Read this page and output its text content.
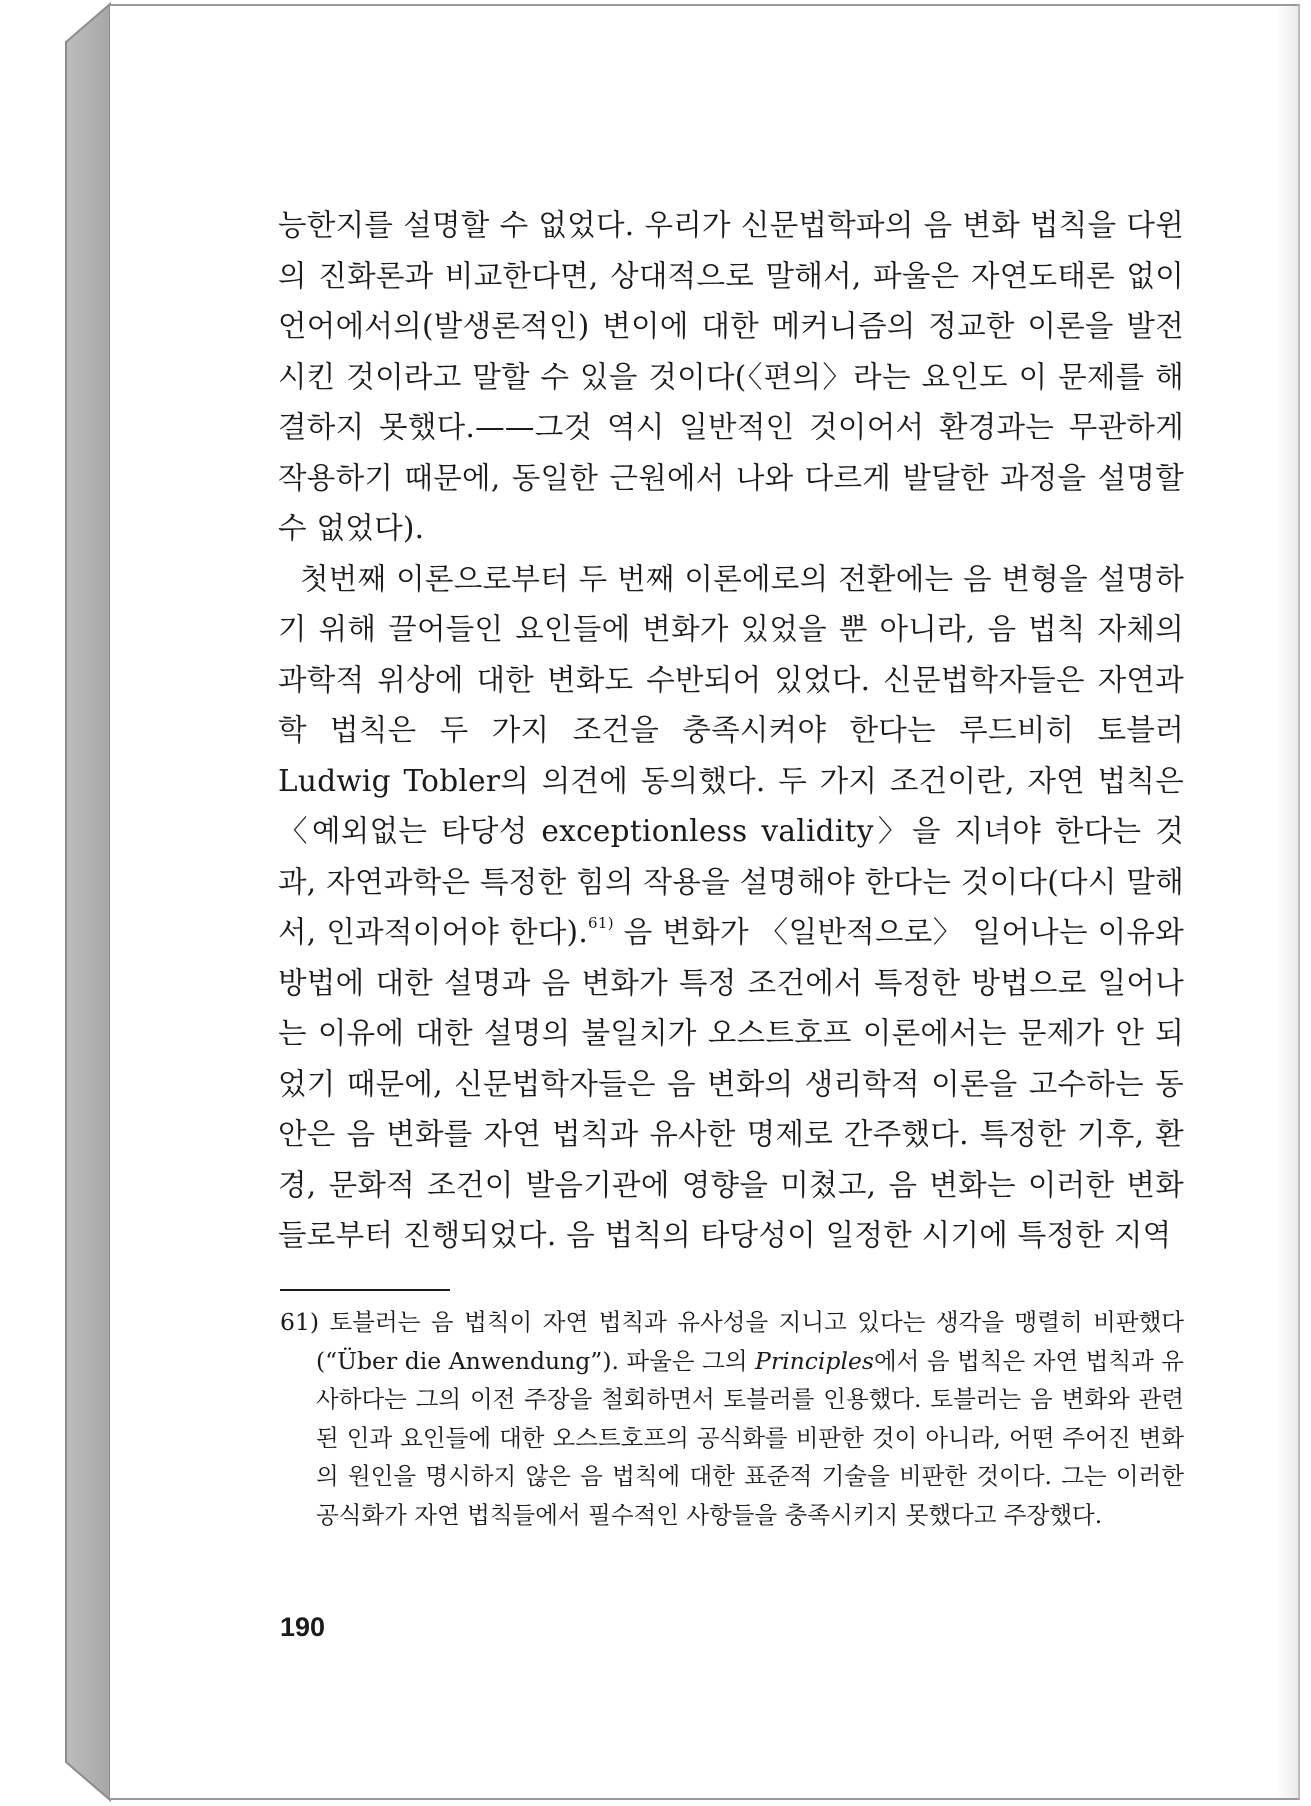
능한지를 설명할 수 없었다. 우리가 신문법학파의 음 변화 법칙을 다윈의 진화론과 비교한다면, 상대적으로 말해서, 파울은 자연도태론 없이 언어에서의(발생론적인) 변이에 대한 메커니즘의 정교한 이론을 발전시킨 것이라고 말할 수 있을 것이다(〈편의〉라는 요인도 이 문제를 해결하지 못했다.——그것 역시 일반적인 것이어서 환경과는 무관하게 작용하기 때문에, 동일한 근원에서 나와 다르게 발달한 과정을 설명할 수 없었다).

첫번째 이론으로부터 두 번째 이론에로의 전환에는 음 변형을 설명하기 위해 끌어들인 요인들에 변화가 있었을 뿐 아니라, 음 법칙 자체의 과학적 위상에 대한 변화도 수반되어 있었다. 신문법학자들은 자연과학 법칙은 두 가지 조건을 충족시켜야 한다는 루드비히 토블러 Ludwig Tobler의 의견에 동의했다. 두 가지 조건이란, 자연 법칙은 〈예외없는 타당성 exceptionless validity〉을 지녀야 한다는 것과, 자연과학은 특정한 힘의 작용을 설명해야 한다는 것이다(다시 말해서, 인과적이어야 한다).$^{61)}$ 음 변화가 〈일반적으로〉 일어나는 이유와 방법에 대한 설명과 음 변화가 특정 조건에서 특정한 방법으로 일어나는 이유에 대한 설명의 불일치가 오스트호프 이론에서는 문제가 안 되었기 때문에, 신문법학자들은 음 변화의 생리학적 이론을 고수하는 동안은 음 변화를 자연 법칙과 유사한 명제로 간주했다. 특정한 기후, 환경, 문화적 조건이 발음기관에 영향을 미쳤고, 음 변화는 이러한 변화들로부터 진행되었다. 음 법칙의 타당성이 일정한 시기에 특정한 지역

61) 토블러는 음 법칙이 자연 법칙과 유사성을 지니고 있다는 생각을 맹렬히 비판했다(“Über die Anwendung”). 파울은 그의 Principles에서 음 법칙은 자연 법칙과 유사하다는 그의 이전 주장을 철회하면서 토블러를 인용했다. 토블러는 음 변화와 관련된 인과 요인들에 대한 오스트호프의 공식화를 비판한 것이 아니라, 어떤 주어진 변화의 원인을 명시하지 않은 음 법칙에 대한 표준적 기술을 비판한 것이다. 그는 이러한 공식화가 자연 법칙들에서 필수적인 사항들을 충족시키지 못했다고 주장했다.
190
